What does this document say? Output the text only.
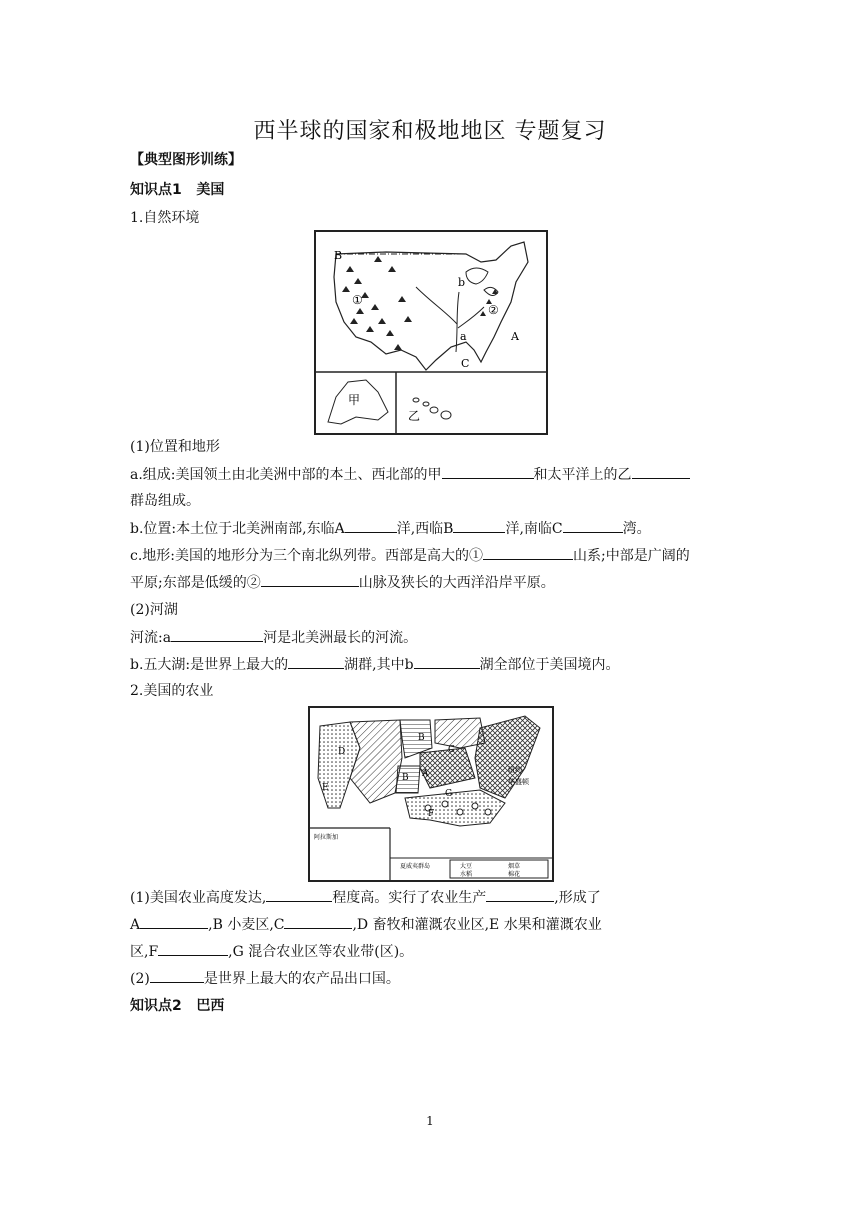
西半球的国家和极地地区 专题复习
【典型图形训练】
知识点1 美国
1.自然环境
B
A
C
a
b
①
②
甲
乙
(1)位置和地形
a.组成:美国领土由北美洲中部的本土、西北部的甲	和太平洋上的乙
群岛组成。
b.位置:本土位于北美洲南部,东临A	洋,西临B	洋,南临C	湾。
c.地形:美国的地形分为三个南北纵列带。西部是高大的①	山系;中部是广阔的
平原;东部是低缓的②	山脉及狭长的大西洋沿岸平原。
(2)河湖
河流:a	河是北美洲最长的河流。
b.五大湖:是世界上最大的	湖群,其中b	湖全部位于美国境内。
2.美国的农业
D
E
B
B
C
A
G
F
纽约
华盛顿
阿拉斯加
夏威夷群岛	大豆	烟草
水稻	棉花
(1)美国农业高度发达,	程度高。实行了农业生产	,形成了
A	,B 小麦区,C	,D 畜牧和灌溉农业区,E 水果和灌溉农业
区,F	,G 混合农业区等农业带(区)。
(2)	是世界上最大的农产品出口国。
知识点2 巴西
1
